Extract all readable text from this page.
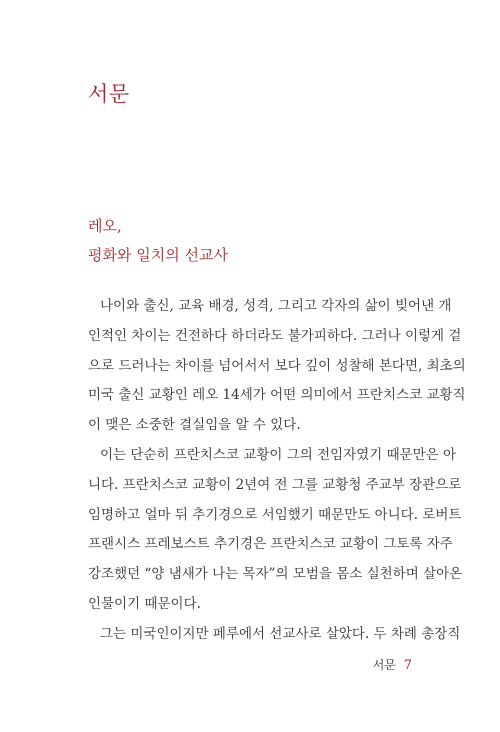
서문
레오,
평화와 일치의 선교사
나이와 출신, 교육 배경, 성격, 그리고 각자의 삶이 빚어낸 개
인적인 차이는 건전하다 하더라도 불가피하다. 그러나 이렇게 겉
으로 드러나는 차이를 넘어서서 보다 깊이 성찰해 본다면, 최초의
미국 출신 교황인 레오 14세가 어떤 의미에서 프란치스코 교황직
이 맺은 소중한 결실임을 알 수 있다.
이는 단순히 프란치스코 교황이 그의 전임자였기 때문만은 아
니다. 프란치스코 교황이 2년여 전 그를 교황청 주교부 장관으로
임명하고 얼마 뒤 추기경으로 서임했기 때문만도 아니다. 로버트
프랜시스 프레보스트 추기경은 프란치스코 교황이 그토록 자주
강조했던 “양 냄새가 나는 목자”의 모범을 몸소 실천하며 살아온
인물이기 때문이다.
그는 미국인이지만 페루에서 선교사로 살았다. 두 차례 총장직
서문 7
